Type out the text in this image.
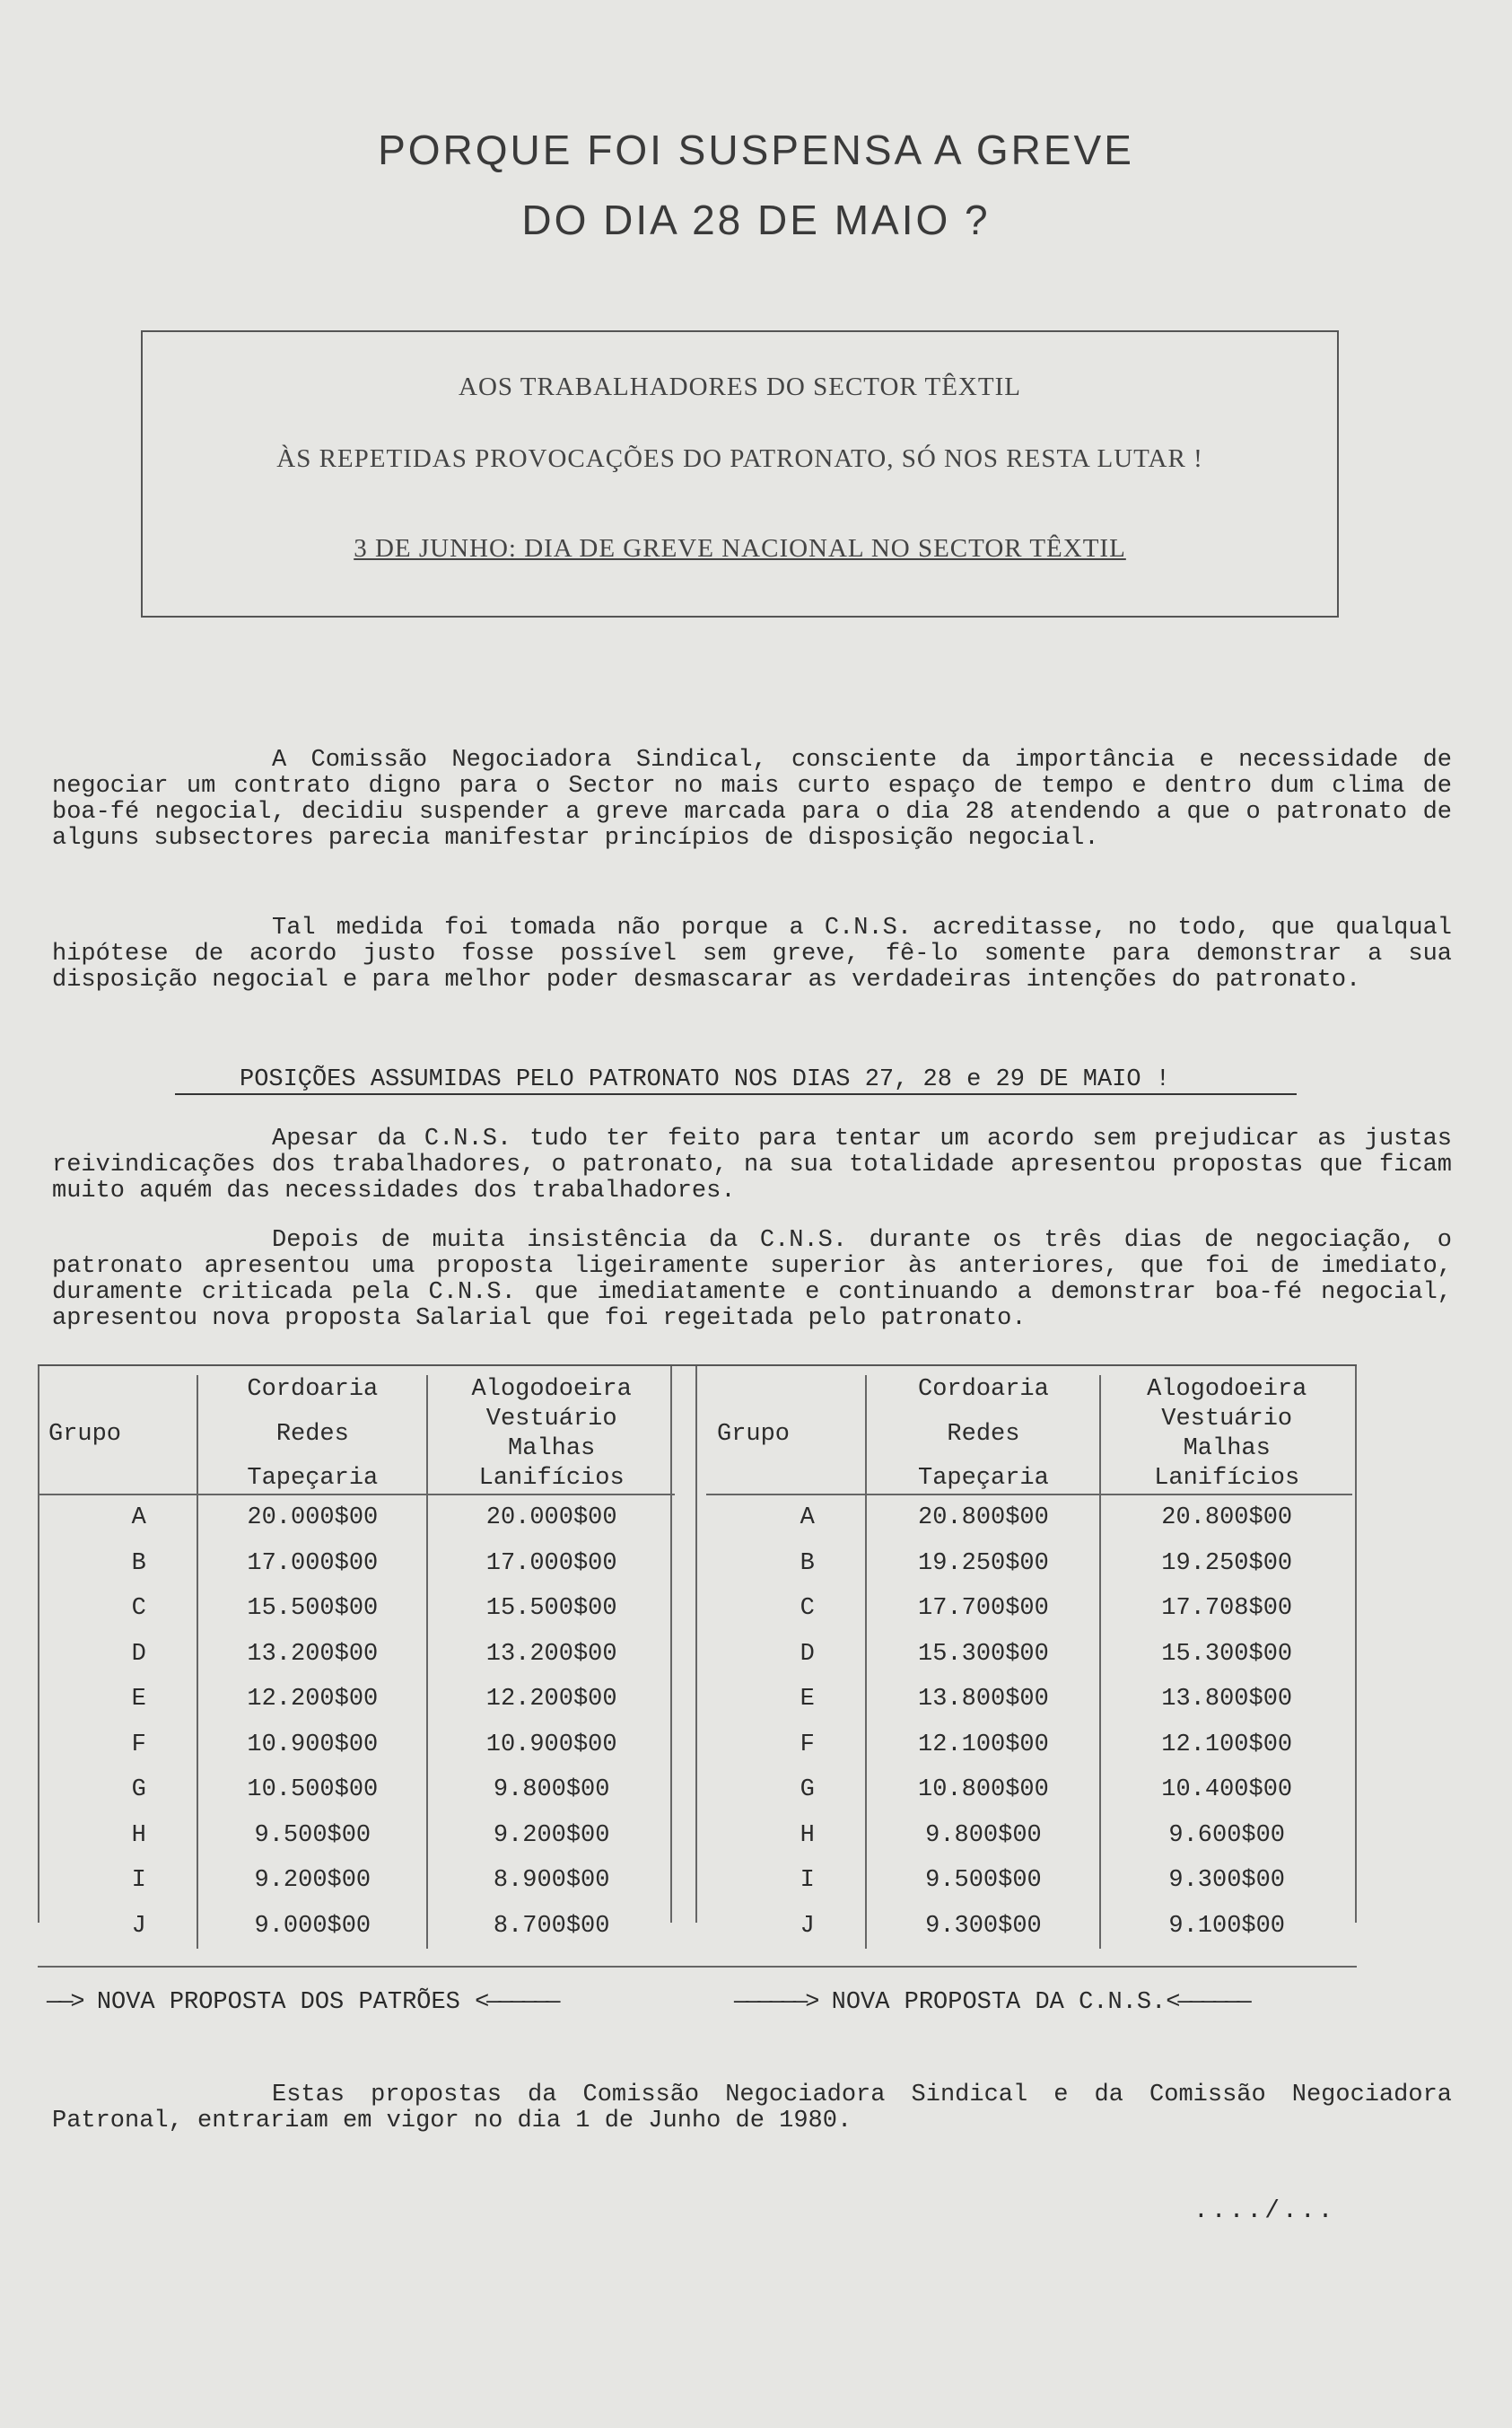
PORQUE FOI SUSPENSA A GREVE
DO DIA 28 DE MAIO ?
AOS TRABALHADORES DO SECTOR TÊXTIL
ÀS REPETIDAS PROVOCAÇÕES DO PATRONATO, SÓ NOS RESTA LUTAR !
3 DE JUNHO: DIA DE GREVE NACIONAL NO SECTOR TÊXTIL

A Comissão Negociadora Sindical, consciente da importância e necessidade de negociar um contrato digno para o Sector no mais curto espaço de tempo e dentro dum clima de boa-fé negocial, decidiu suspender a greve marcada para o dia 28 atendendo a que o patronato de alguns subsectores parecia manifestar princípios de disposição negocial.

Tal medida foi tomada não porque a C.N.S. acreditasse, no todo, que qualqual hipótese de acordo justo fosse possível sem greve, fê-lo somente para demonstrar a sua disposição negocial e para melhor poder desmascarar as verdadeiras intenções do patronato.

POSIÇÕES ASSUMIDAS PELO PATRONATO NOS DIAS 27, 28 e 29 DE MAIO !

Apesar da C.N.S. tudo ter feito para tentar um acordo sem prejudicar as justas reivindicações dos trabalhadores, o patronato, na sua totalidade apresentou propostas que ficam muito aquém das necessidades dos trabalhadores.

Depois de muita insistência da C.N.S. durante os três dias de negociação, o patronato apresentou uma proposta ligeiramente superior às anteriores, que foi de imediato, duramente criticada pela C.N.S. que imediatamente e continuando a demonstrar boa-fé negocial, apresentou nova proposta Salarial que foi regeitada pelo patronato.

Grupo	Cordoaria	Alogodoeira
	Redes	Vestuário
		Malhas
	Tapeçaria	Lanifícios
A	20.000$00	20.000$00
B	17.000$00	17.000$00
C	15.500$00	15.500$00
D	13.200$00	13.200$00
E	12.200$00	12.200$00
F	10.900$00	10.900$00
G	10.500$00	9.800$00
H	9.500$00	9.200$00
I	9.200$00	8.900$00
J	9.000$00	8.700$00
Grupo	Cordoaria	Alogodoeira
	Redes	Vestuário
		Malhas
	Tapeçaria	Lanifícios
A	20.800$00	20.800$00
B	19.250$00	19.250$00
C	17.700$00	17.708$00
D	15.300$00	15.300$00
E	13.800$00	13.800$00
F	12.100$00	12.100$00
G	10.800$00	10.400$00
H	9.800$00	9.600$00
I	9.500$00	9.300$00
J	9.300$00	9.100$00
——> NOVA PROPOSTA DOS PATRÕES <——————	——————> NOVA PROPOSTA DA C.N.S.<——————

Estas propostas da Comissão Negociadora Sindical e da Comissão Negociadora Patronal, entrariam em vigor no dia 1 de Junho de 1980.

..../...
